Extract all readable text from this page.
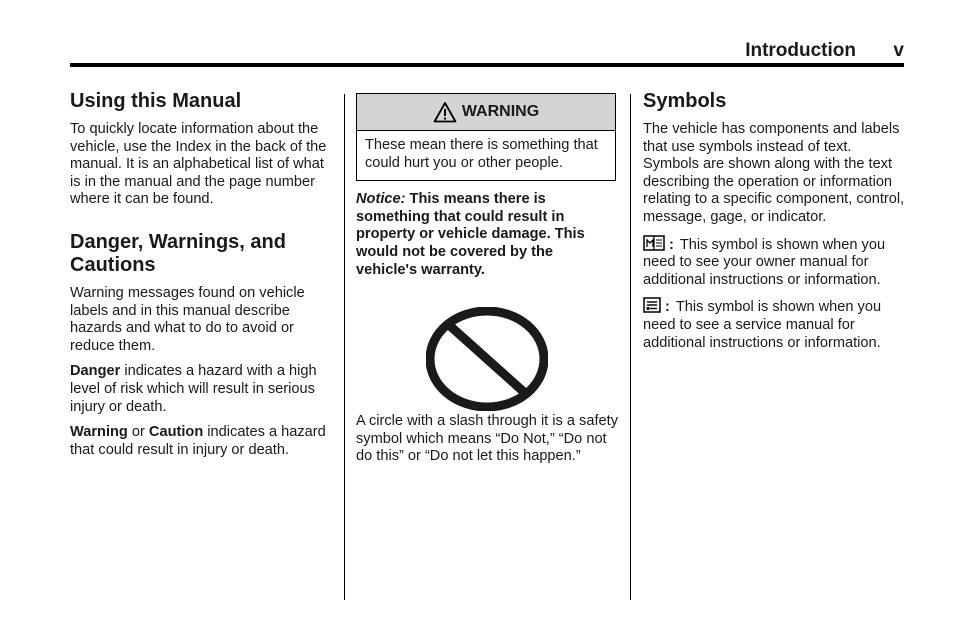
Introduction v
Using this Manual

To quickly locate information about the vehicle, use the Index in the back of the manual. It is an alphabetical list of what is in the manual and the page number where it can be found.

Danger, Warnings, and Cautions

Warning messages found on vehicle labels and in this manual describe hazards and what to do to avoid or reduce them.

Danger indicates a hazard with a high level of risk which will result in serious injury or death.

Warning or Caution indicates a hazard that could result in injury or death.

WARNING

These mean there is something that could hurt you or other people.

Notice: This means there is something that could result in property or vehicle damage. This would not be covered by the vehicle's warranty.

A circle with a slash through it is a safety symbol which means “Do Not,” “Do not do this” or “Do not let this happen.”

Symbols

The vehicle has components and labels that use symbols instead of text. Symbols are shown along with the text describing the operation or information relating to a specific component, control, message, gage, or indicator.

: This symbol is shown when you need to see your owner manual for additional instructions or information.

: This symbol is shown when you need to see a service manual for additional instructions or information.
